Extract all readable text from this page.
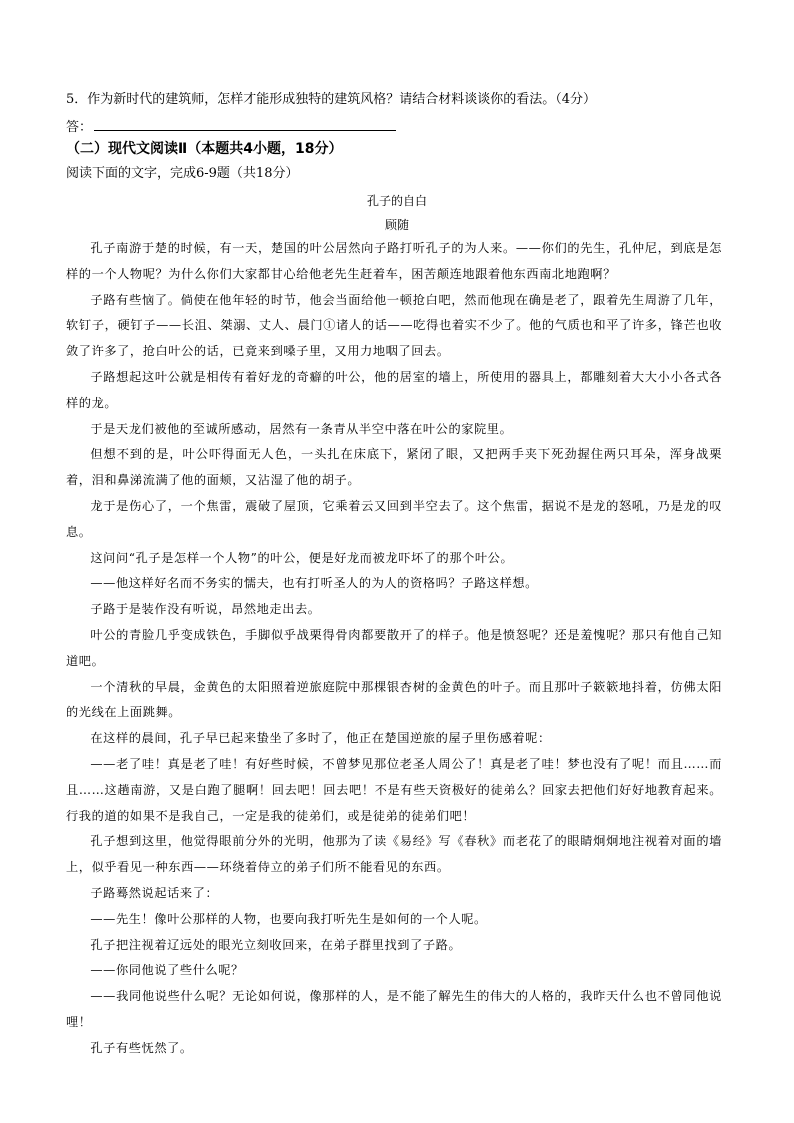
5．作为新时代的建筑师，怎样才能形成独特的建筑风格？请结合材料谈谈你的看法。（4分）
答：
（二）现代文阅读Ⅱ（本题共4小题，18分）
阅读下面的文字，完成6-9题（共18分）
孔子的自白
顾随

孔子南游于楚的时候，有一天，楚国的叶公居然向子路打听孔子的为人来。——你们的先生，孔仲尼，到底是怎样的一个人物呢？为什么你们大家都甘心给他老先生赶着车，困苦颠连地跟着他东西南北地跑啊？

子路有些恼了。倘使在他年轻的时节，他会当面给他一顿抢白吧，然而他现在确是老了，跟着先生周游了几年，软钉子，硬钉子——长沮、桀溺、丈人、晨门①诸人的话——吃得也着实不少了。他的气质也和平了许多，锋芒也收敛了许多了，抢白叶公的话，已竟来到嗓子里，又用力地咽了回去。

子路想起这叶公就是相传有着好龙的奇癖的叶公，他的居室的墙上，所使用的器具上，都雕刻着大大小小各式各样的龙。

于是天龙们被他的至诚所感动，居然有一条青从半空中落在叶公的家院里。

但想不到的是，叶公吓得面无人色，一头扎在床底下，紧闭了眼，又把两手夹下死劲握住两只耳朵，浑身战栗着，泪和鼻涕流满了他的面颊，又沾湿了他的胡子。

龙于是伤心了，一个焦雷，震破了屋顶，它乘着云又回到半空去了。这个焦雷，据说不是龙的怒吼，乃是龙的叹息。

这问问“孔子是怎样一个人物”的叶公，便是好龙而被龙吓坏了的那个叶公。

——他这样好名而不务实的懦夫，也有打听圣人的为人的资格吗？子路这样想。

子路于是装作没有听说，昂然地走出去。

叶公的青脸几乎变成铁色，手脚似乎战栗得骨肉都要散开了的样子。他是愤怒呢？还是羞愧呢？那只有他自己知道吧。

一个清秋的早晨，金黄色的太阳照着逆旅庭院中那棵银杏树的金黄色的叶子。而且那叶子簌簌地抖着，仿佛太阳的光线在上面跳舞。

在这样的晨间，孔子早已起来蛰坐了多时了，他正在楚国逆旅的屋子里伤感着呢：

——老了哇！真是老了哇！有好些时候，不曾梦见那位老圣人周公了！真是老了哇！梦也没有了呢！而且……而且……这趟南游，又是白跑了腿啊！回去吧！回去吧！不是有些天资极好的徒弟么？回家去把他们好好地教育起来。行我的道的如果不是我自己，一定是我的徒弟们，或是徒弟的徒弟们吧！

孔子想到这里，他觉得眼前分外的光明，他那为了读《易经》写《春秋》而老花了的眼睛炯炯地注视着对面的墙上，似乎看见一种东西——环绕着侍立的弟子们所不能看见的东西。

子路蓦然说起话来了：

——先生！像叶公那样的人物，也要向我打听先生是如何的一个人呢。

孔子把注视着辽远处的眼光立刻收回来，在弟子群里找到了子路。

——你同他说了些什么呢？

——我同他说些什么呢？无论如何说，像那样的人，是不能了解先生的伟大的人格的，我昨天什么也不曾同他说哩！

孔子有些怃然了。
